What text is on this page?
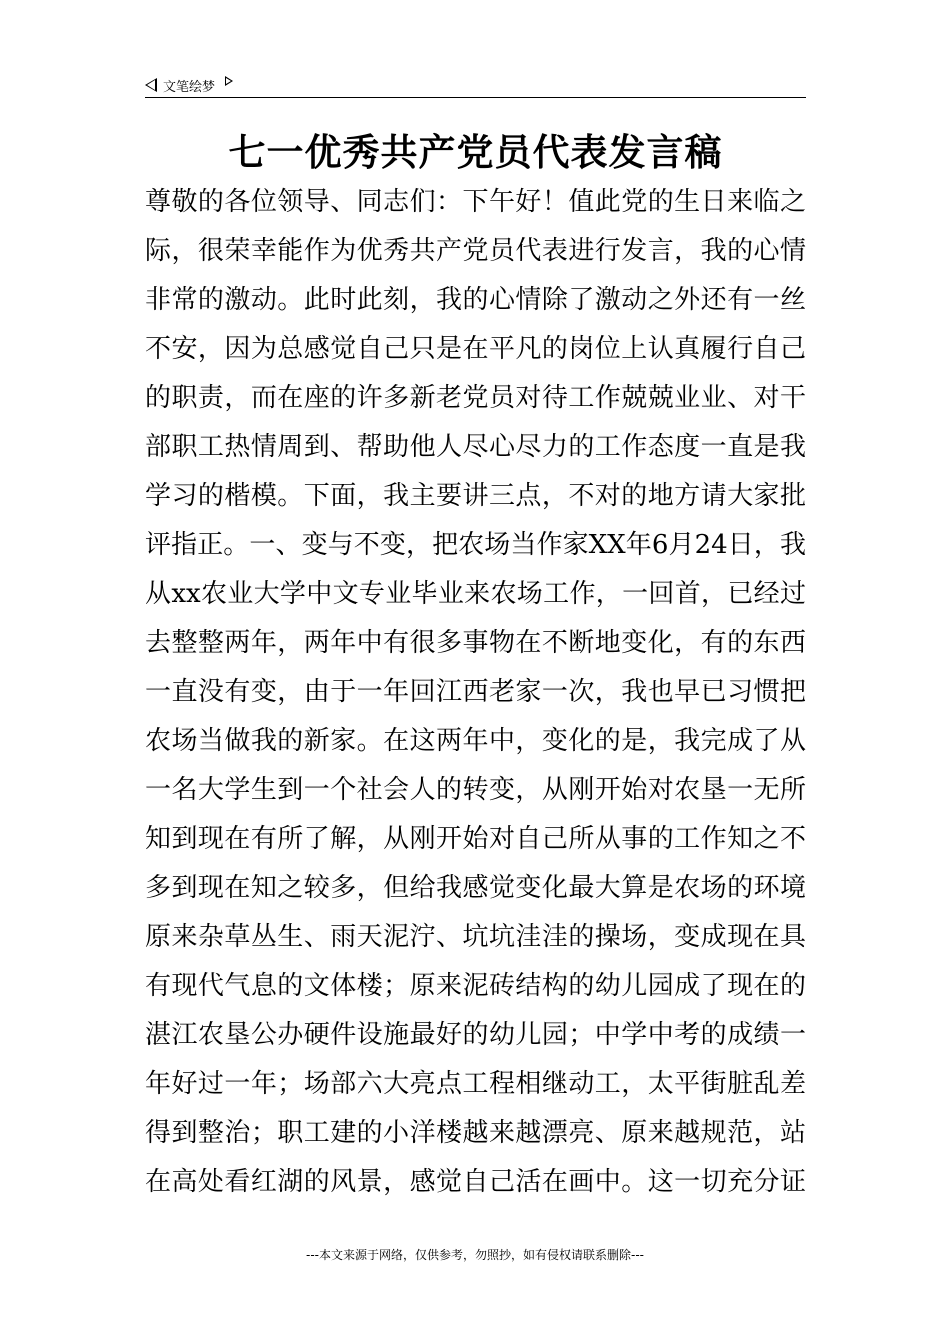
文笔绘梦
七一优秀共产党员代表发言稿
尊敬的各位领导、同志们：下午好！值此党的生日来临之
际，很荣幸能作为优秀共产党员代表进行发言，我的心情
非常的激动。此时此刻，我的心情除了激动之外还有一丝
不安，因为总感觉自己只是在平凡的岗位上认真履行自己
的职责，而在座的许多新老党员对待工作兢兢业业、对干
部职工热情周到、帮助他人尽心尽力的工作态度一直是我
学习的楷模。下面，我主要讲三点，不对的地方请大家批
评指正。一、变与不变，把农场当作家XX年6月24日，我
从xx农业大学中文专业毕业来农场工作，一回首，已经过
去整整两年，两年中有很多事物在不断地变化，有的东西
一直没有变，由于一年回江西老家一次，我也早已习惯把
农场当做我的新家。在这两年中，变化的是，我完成了从
一名大学生到一个社会人的转变，从刚开始对农垦一无所
知到现在有所了解，从刚开始对自己所从事的工作知之不
多到现在知之较多，但给我感觉变化最大算是农场的环境
原来杂草丛生、雨天泥泞、坑坑洼洼的操场，变成现在具
有现代气息的文体楼；原来泥砖结构的幼儿园成了现在的
湛江农垦公办硬件设施最好的幼儿园；中学中考的成绩一
年好过一年；场部六大亮点工程相继动工，太平街脏乱差
得到整治；职工建的小洋楼越来越漂亮、原来越规范，站
在高处看红湖的风景，感觉自己活在画中。这一切充分证
---本文来源于网络，仅供参考，勿照抄，如有侵权请联系删除---
